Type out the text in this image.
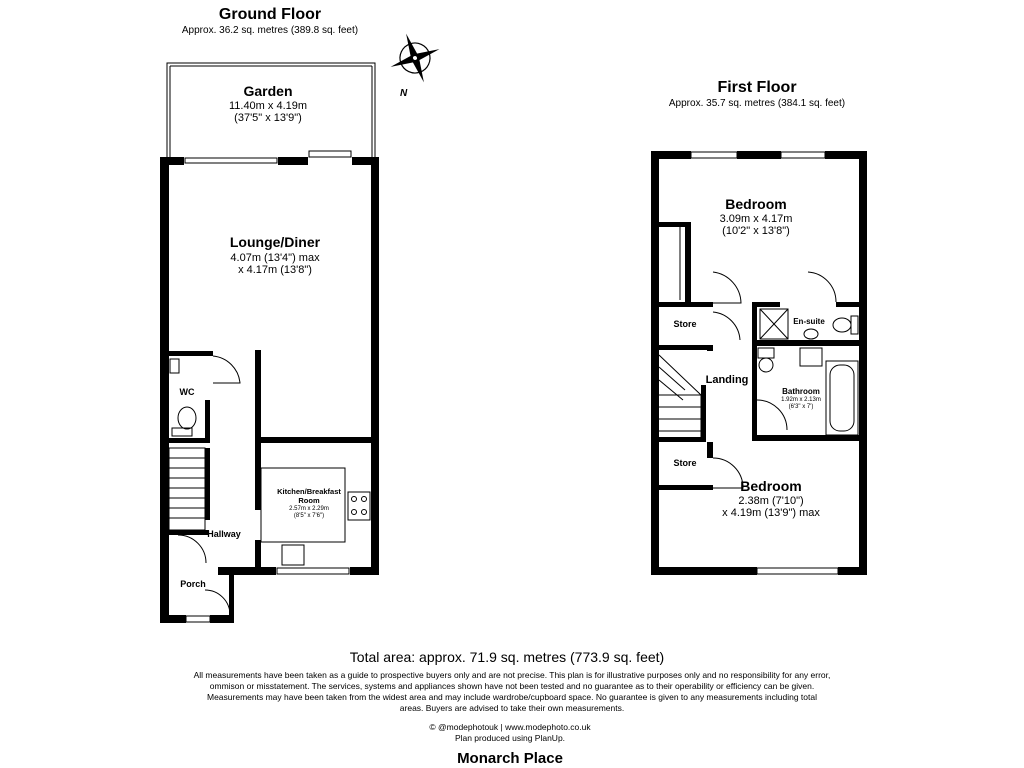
Ground Floor
Approx. 36.2 sq. metres (389.8 sq. feet)
N
Garden
11.40m x 4.19m
(37'5" x 13'9")
Lounge/Diner
4.07m (13'4") max
x 4.17m (13'8")
WC
Kitchen/Breakfast
Room
2.57m x 2.29m
(8'5" x 7'6")
Hallway
Porch
First Floor
Approx. 35.7 sq. metres (384.1 sq. feet)
Bedroom
3.09m x 4.17m
(10'2" x 13'8")
Store	En-suite
Landing
Bathroom
1.92m x 2.13m
(6'3" x 7')
Store
Bedroom
2.38m (7'10")
x 4.19m (13'9") max
Total area: approx. 71.9 sq. metres (773.9 sq. feet)
All measurements have been taken as a guide to prospective buyers only and are not precise. This plan is for illustrative purposes only and no responsibility for any error,
ommison or misstatement. The services, systems and appliances shown have not been tested and no guarantee as to their operability or efficiency can be given.
Measurements may have been taken from the widest area and may include wardrobe/cupboard space. No guarantee is given to any measurements including total
areas. Buyers are advised to take their own measurements.
© @modephotouk | www.modephoto.co.uk
Plan produced using PlanUp.
Monarch Place
